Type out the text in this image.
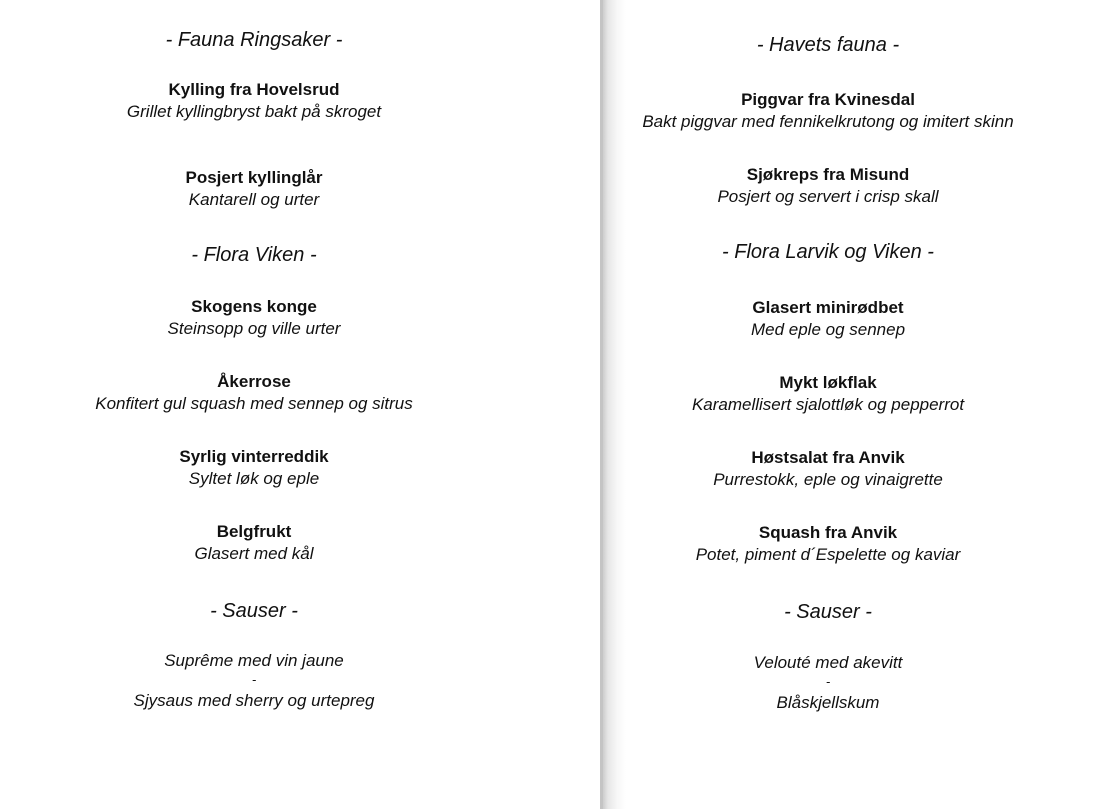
- Fauna Ringsaker -
Kylling fra Hovelsrud
Grillet kyllingbryst bakt på skroget
Posjert kyllinglår
Kantarell og urter
- Flora Viken -
Skogens konge
Steinsopp og ville urter
Åkerrose
Konfitert gul squash med sennep og sitrus
Syrlig vinterreddik
Syltet løk og eple
Belgfrukt
Glasert med kål
- Sauser -
Suprême med vin jaune
-
Sjysaus med sherry og urtepreg
- Havets fauna -
Piggvar fra Kvinesdal
Bakt piggvar med fennikelkrutong og imitert skinn
Sjøkreps fra Misund
Posjert og servert i crisp skall
- Flora Larvik og Viken -
Glasert minirødbet
Med eple og sennep
Mykt løkflak
Karamellisert sjalottløk og pepperrot
Høstsalat fra Anvik
Purrestokk, eple og vinaigrette
Squash fra Anvik
Potet, piment d´Espelette og kaviar
- Sauser -
Velouté med akevitt
-
Blåskjellskum
